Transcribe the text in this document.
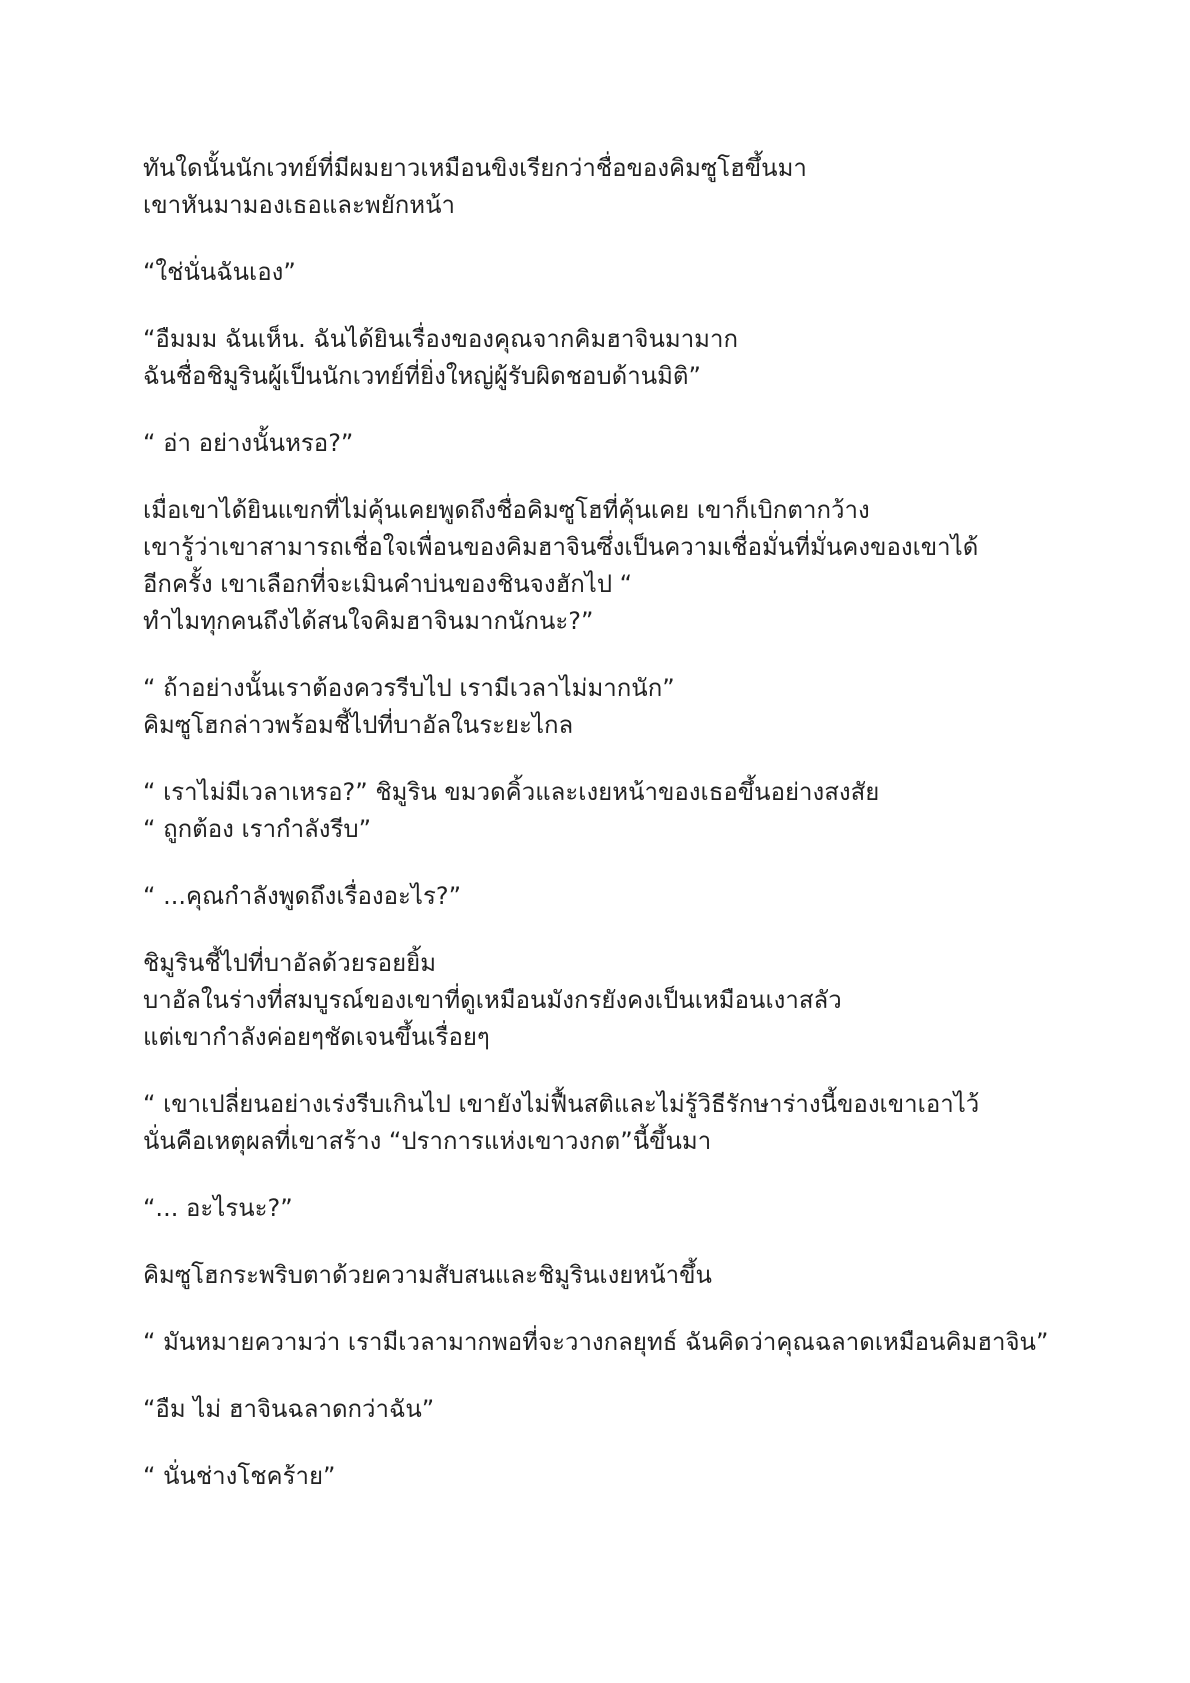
ทันใดนั้นนักเวทย์ที่มีผมยาวเหมือนขิงเรียกว่าชื่อของคิมซูโฮขึ้นมา
เขาหันมามองเธอและพยักหน้า

“ใช่นั่นฉันเอง”

“อืมมม ฉันเห็น. ฉันได้ยินเรื่องของคุณจากคิมฮาจินมามาก
ฉันชื่อชิมูรินผู้เป็นนักเวทย์ที่ยิ่งใหญ่ผู้รับผิดชอบด้านมิติ”

“ อ่า อย่างนั้นหรอ?”

เมื่อเขาได้ยินแขกที่ไม่คุ้นเคยพูดถึงชื่อคิมซูโฮที่คุ้นเคย เขาก็เบิกตากว้าง
เขารู้ว่าเขาสามารถเชื่อใจเพื่อนของคิมฮาจินซึ่งเป็นความเชื่อมั่นที่มั่นคงของเขาได้
อีกครั้ง เขาเลือกที่จะเมินคำบ่นของชินจงฮักไป “
ทำไมทุกคนถึงได้สนใจคิมฮาจินมากนักนะ?”

“ ถ้าอย่างนั้นเราต้องควรรีบไป เรามีเวลาไม่มากนัก”
คิมซูโฮกล่าวพร้อมชี้ไปที่บาอัลในระยะไกล

“ เราไม่มีเวลาเหรอ?” ชิมูริน ขมวดคิ้วและเงยหน้าของเธอขึ้นอย่างสงสัย
“ ถูกต้อง เรากำลังรีบ”

“ ...คุณกำลังพูดถึงเรื่องอะไร?”

ชิมูรินชี้ไปที่บาอัลด้วยรอยยิ้ม
บาอัลในร่างที่สมบูรณ์ของเขาที่ดูเหมือนมังกรยังคงเป็นเหมือนเงาสลัว
แต่เขากำลังค่อยๆชัดเจนขึ้นเรื่อยๆ

“ เขาเปลี่ยนอย่างเร่งรีบเกินไป เขายังไม่ฟื้นสติและไม่รู้วิธีรักษาร่างนี้ของเขาเอาไว้
นั่นคือเหตุผลที่เขาสร้าง “ปราการแห่งเขาวงกต”นี้ขึ้นมา

“... อะไรนะ?”

คิมซูโฮกระพริบตาด้วยความสับสนและชิมูรินเงยหน้าขึ้น

“ มันหมายความว่า เรามีเวลามากพอที่จะวางกลยุทธ์ ฉันคิดว่าคุณฉลาดเหมือนคิมฮาจิน”

“อืม ไม่ ฮาจินฉลาดกว่าฉัน”

“ นั่นช่างโชคร้าย”
